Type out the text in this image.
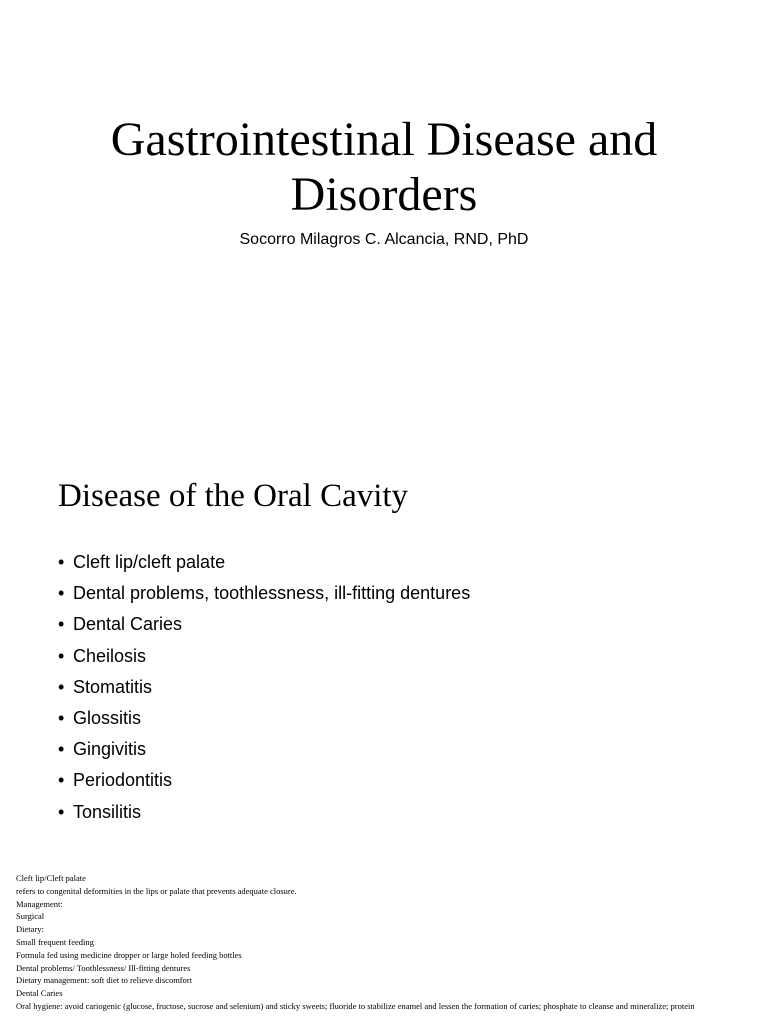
Gastrointestinal Disease and
Disorders

Socorro Milagros C. Alcancia, RND, PhD

Disease of the Oral Cavity
• Cleft lip/cleft palate
• Dental problems, toothlessness, ill-fitting dentures
• Dental Caries
• Cheilosis
• Stomatitis
• Glossitis
• Gingivitis
• Periodontitis
• Tonsilitis
Cleft lip/Cleft palate
refers to congenital deformities in the lips or palate that prevents adequate closure.
Management:
Surgical
Dietary:
Small frequent feeding
Formula fed using medicine dropper or large holed feeding bottles
Dental problems/ Toothlessness/ Ill-fitting dentures
Dietary management: soft diet to relieve discomfort
Dental Caries
Oral hygiene: avoid cariogenic (glucose, fructose, sucrose and selenium) and sticky sweets; fluoride to stabilize enamel and lessen the formation of caries; phosphate to cleanse and mineralize; protein
